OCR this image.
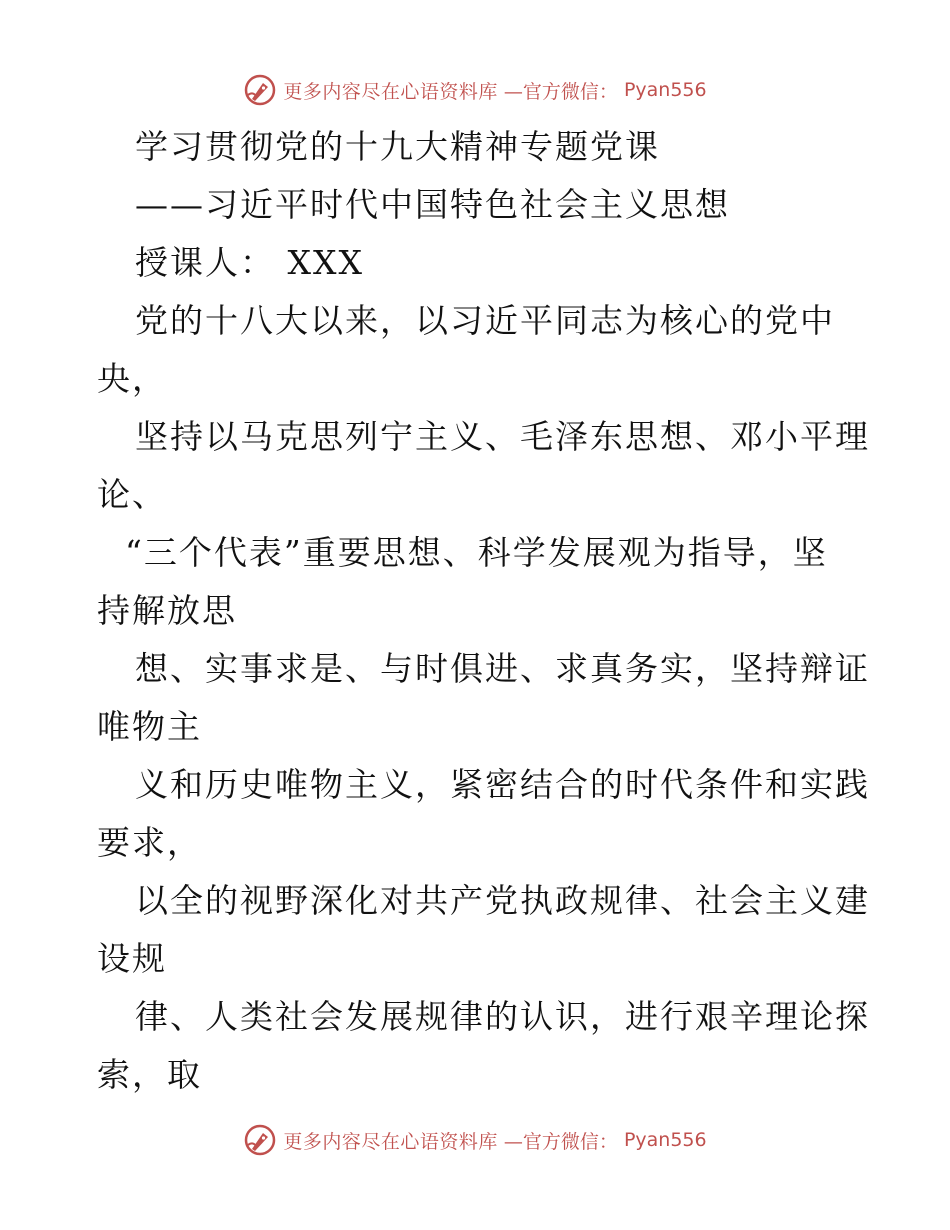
更多内容尽在心语资料库 —官方微信： Pyan556
学习贯彻党的十九大精神专题党课
——习近平时代中国特色社会主义思想
授课人： XXX
党的十八大以来，以习近平同志为核心的党中
央，
坚持以马克思列宁主义、毛泽东思想、邓小平理
论、
“三个代表”重要思想、科学发展观为指导，坚
持解放思
想、实事求是、与时俱进、求真务实，坚持辩证
唯物主
义和历史唯物主义，紧密结合的时代条件和实践
要求，
以全的视野深化对共产党执政规律、社会主义建
设规
律、人类社会发展规律的认识，进行艰辛理论探
索，取
更多内容尽在心语资料库 —官方微信： Pyan556
